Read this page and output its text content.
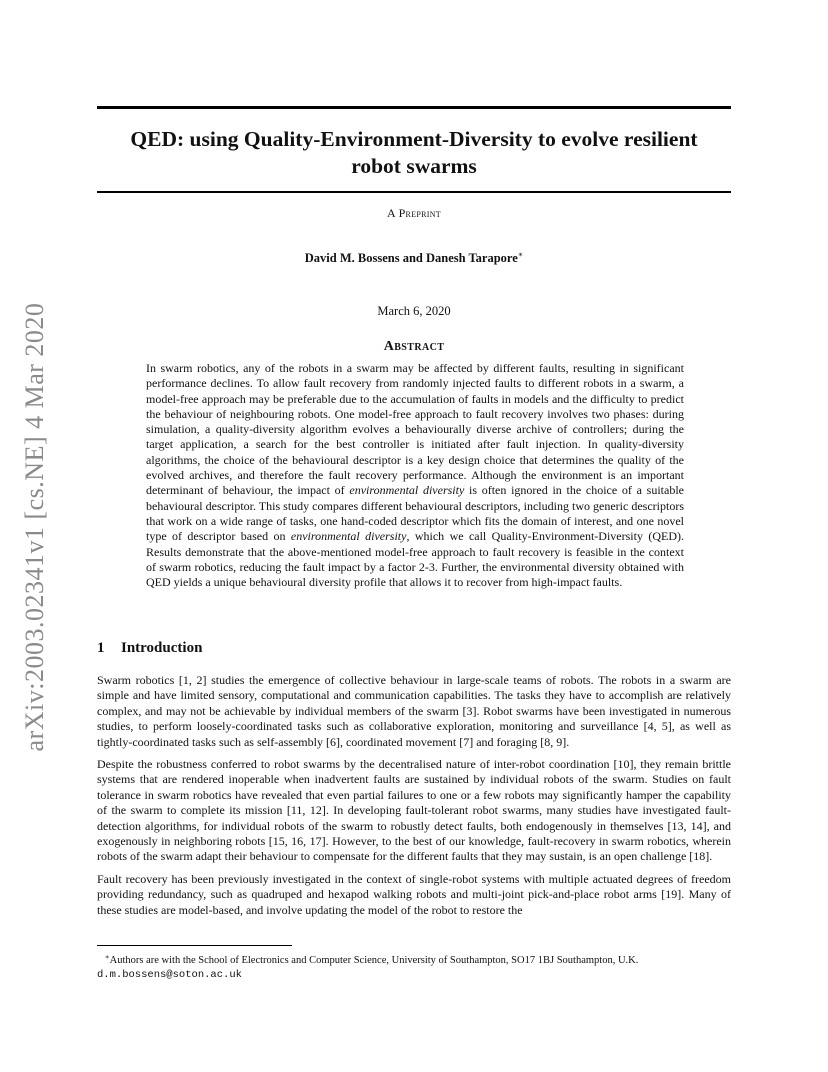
arXiv:2003.02341v1 [cs.NE] 4 Mar 2020
QED: using Quality-Environment-Diversity to evolve resilient
robot swarms
A Preprint
David M. Bossens and Danesh Tarapore∗
March 6, 2020
Abstract

In swarm robotics, any of the robots in a swarm may be affected by different faults, resulting in significant performance declines. To allow fault recovery from randomly injected faults to different robots in a swarm, a model-free approach may be preferable due to the accumulation of faults in models and the difficulty to predict the behaviour of neighbouring robots. One model-free approach to fault recovery involves two phases: during simulation, a quality-diversity algorithm evolves a behaviourally diverse archive of controllers; during the target application, a search for the best controller is initiated after fault injection. In quality-diversity algorithms, the choice of the behavioural descriptor is a key design choice that determines the quality of the evolved archives, and therefore the fault recovery performance. Although the environment is an important determinant of behaviour, the impact of environmental diversity is often ignored in the choice of a suitable behavioural descriptor. This study compares different behavioural descriptors, including two generic descriptors that work on a wide range of tasks, one hand-coded descriptor which fits the domain of interest, and one novel type of descriptor based on environmental diversity, which we call Quality-Environment-Diversity (QED). Results demonstrate that the above-mentioned model-free approach to fault recovery is feasible in the context of swarm robotics, reducing the fault impact by a factor 2-3. Further, the environmental diversity obtained with QED yields a unique behavioural diversity profile that allows it to recover from high-impact faults.

1 Introduction

Swarm robotics [1, 2] studies the emergence of collective behaviour in large-scale teams of robots. The robots in a swarm are simple and have limited sensory, computational and communication capabilities. The tasks they have to accomplish are relatively complex, and may not be achievable by individual members of the swarm [3]. Robot swarms have been investigated in numerous studies, to perform loosely-coordinated tasks such as collaborative exploration, monitoring and surveillance [4, 5], as well as tightly-coordinated tasks such as self-assembly [6], coordinated movement [7] and foraging [8, 9].

Despite the robustness conferred to robot swarms by the decentralised nature of inter-robot coordination [10], they remain brittle systems that are rendered inoperable when inadvertent faults are sustained by individual robots of the swarm. Studies on fault tolerance in swarm robotics have revealed that even partial failures to one or a few robots may significantly hamper the capability of the swarm to complete its mission [11, 12]. In developing fault-tolerant robot swarms, many studies have investigated fault-detection algorithms, for individual robots of the swarm to robustly detect faults, both endogenously in themselves [13, 14], and exogenously in neighboring robots [15, 16, 17]. However, to the best of our knowledge, fault-recovery in swarm robotics, wherein robots of the swarm adapt their behaviour to compensate for the different faults that they may sustain, is an open challenge [18].

Fault recovery has been previously investigated in the context of single-robot systems with multiple actuated degrees of freedom providing redundancy, such as quadruped and hexapod walking robots and multi-joint pick-and-place robot arms [19]. Many of these studies are model-based, and involve updating the model of the robot to restore the

∗Authors are with the School of Electronics and Computer Science, University of Southampton, SO17 1BJ Southampton, U.K.
d.m.bossens@soton.ac.uk
